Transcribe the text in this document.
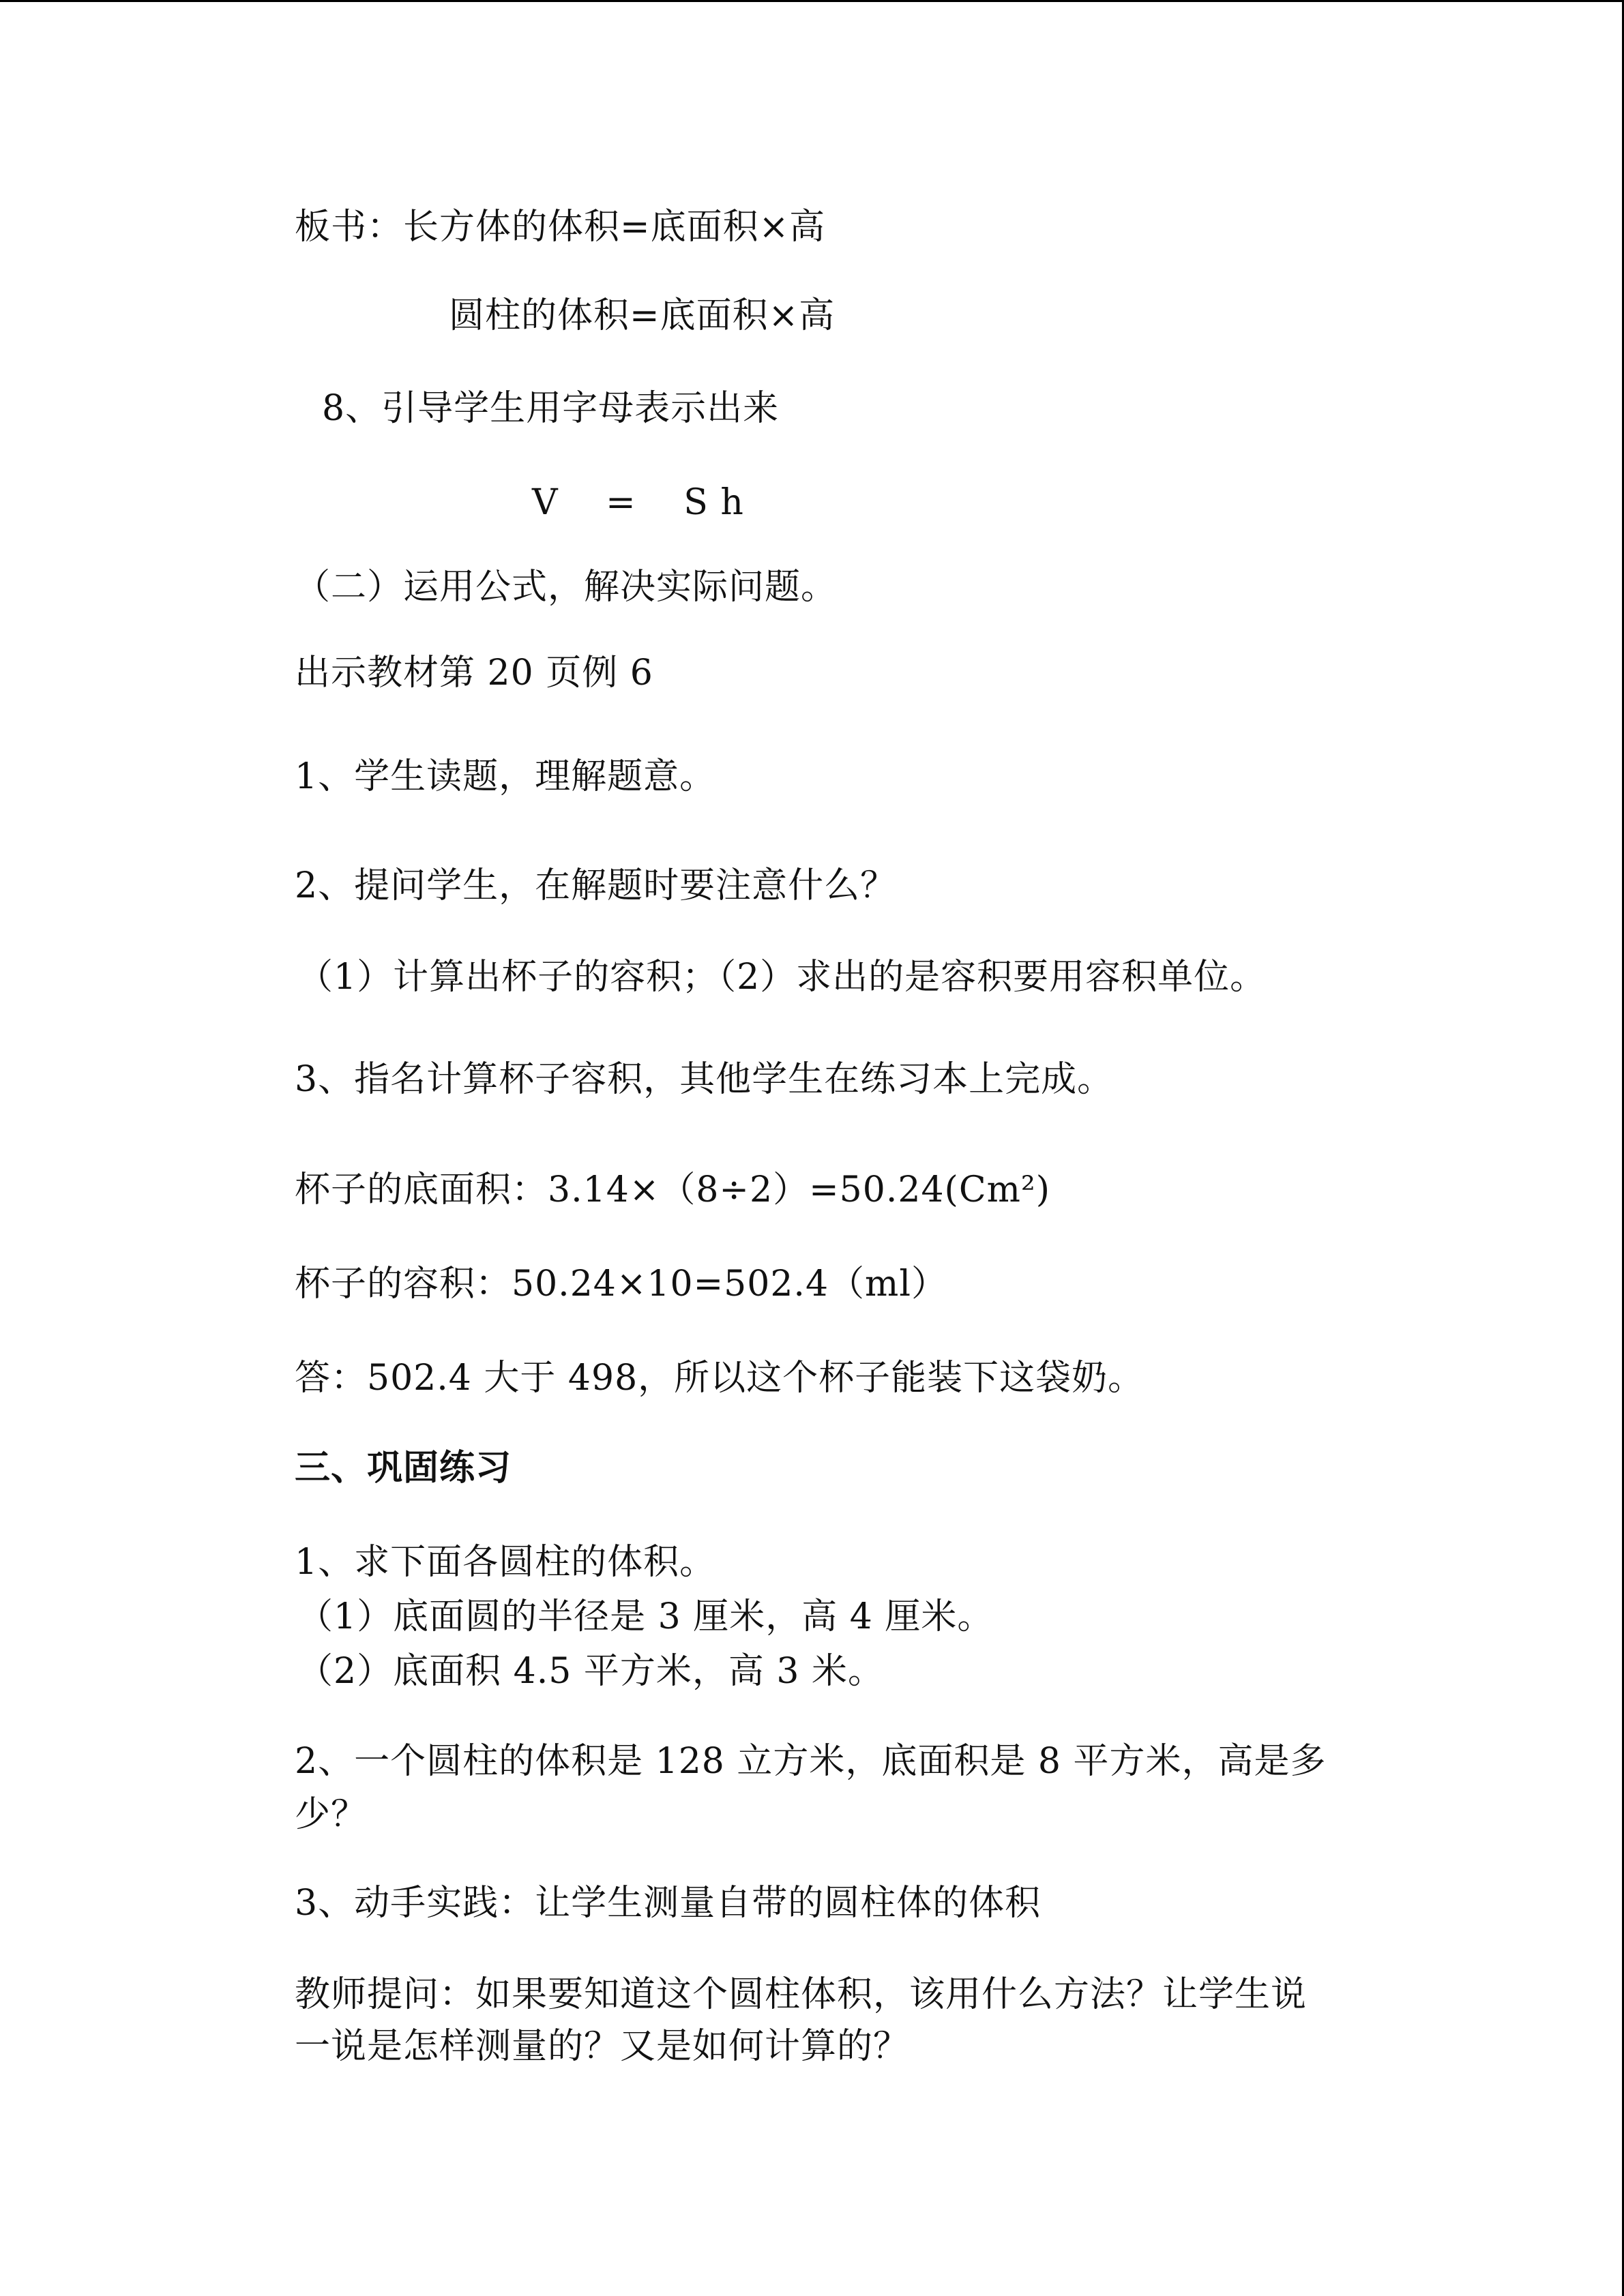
板书：长方体的体积=底面积×高
圆柱的体积=底面积×高
8、引导学生用字母表示出来
V = S h
（二）运用公式，解决实际问题。
出示教材第 20 页例 6
1、学生读题，理解题意。
2、提问学生，在解题时要注意什么？
（1）计算出杯子的容积；（2）求出的是容积要用容积单位。
3、指名计算杯子容积，其他学生在练习本上完成。
杯子的底面积：3.14×（8÷2）=50.24(Cm²)
杯子的容积：50.24×10=502.4（ml）
答：502.4 大于 498，所以这个杯子能装下这袋奶。
三、巩固练习
1、求下面各圆柱的体积。
（1）底面圆的半径是 3 厘米，高 4 厘米。
（2）底面积 4.5 平方米，高 3 米。
2、一个圆柱的体积是 128 立方米，底面积是 8 平方米，高是多
少？
3、动手实践：让学生测量自带的圆柱体的体积
教师提问：如果要知道这个圆柱体积，该用什么方法？让学生说
一说是怎样测量的？又是如何计算的？
